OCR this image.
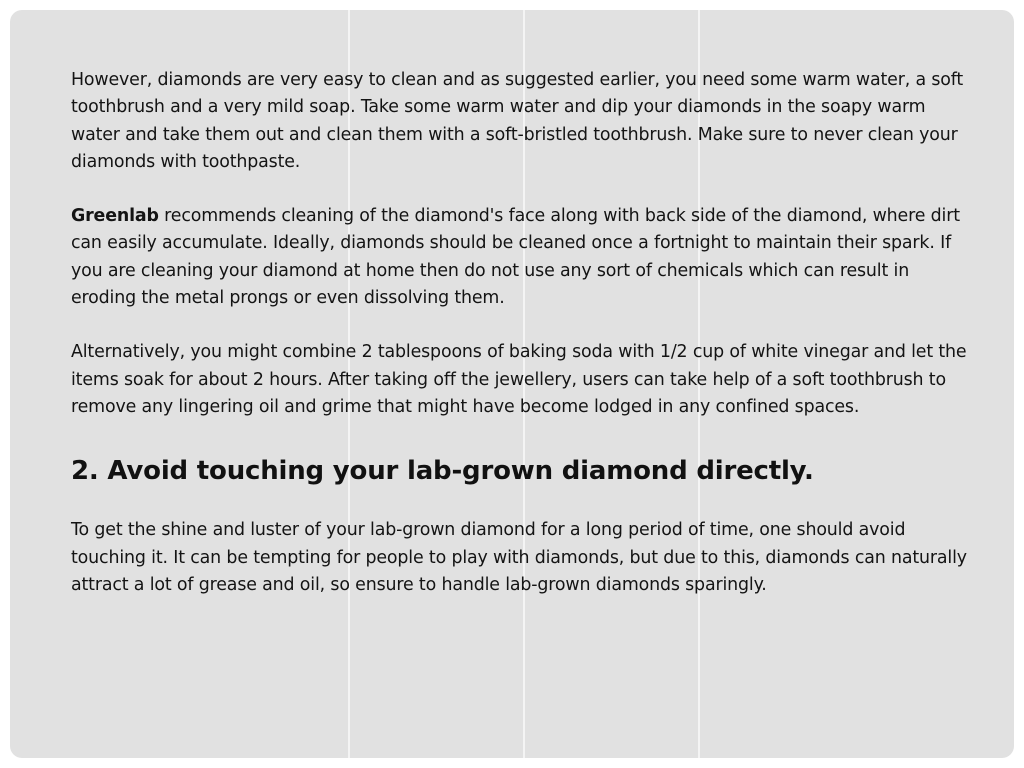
However, diamonds are very easy to clean and as suggested earlier, you need some warm water, a soft toothbrush and a very mild soap. Take some warm water and dip your diamonds in the soapy warm water and take them out and clean them with a soft-bristled toothbrush. Make sure to never clean your diamonds with toothpaste.

Greenlab recommends cleaning of the diamond's face along with back side of the diamond, where dirt can easily accumulate. Ideally, diamonds should be cleaned once a fortnight to maintain their spark. If you are cleaning your diamond at home then do not use any sort of chemicals which can result in eroding the metal prongs or even dissolving them.

Alternatively, you might combine 2 tablespoons of baking soda with 1/2 cup of white vinegar and let the items soak for about 2 hours. After taking off the jewellery, users can take help of a soft toothbrush to remove any lingering oil and grime that might have become lodged in any confined spaces.

2. Avoid touching your lab-grown diamond directly.

To get the shine and luster of your lab-grown diamond for a long period of time, one should avoid touching it. It can be tempting for people to play with diamonds, but due to this, diamonds can naturally attract a lot of grease and oil, so ensure to handle lab-grown diamonds sparingly.
